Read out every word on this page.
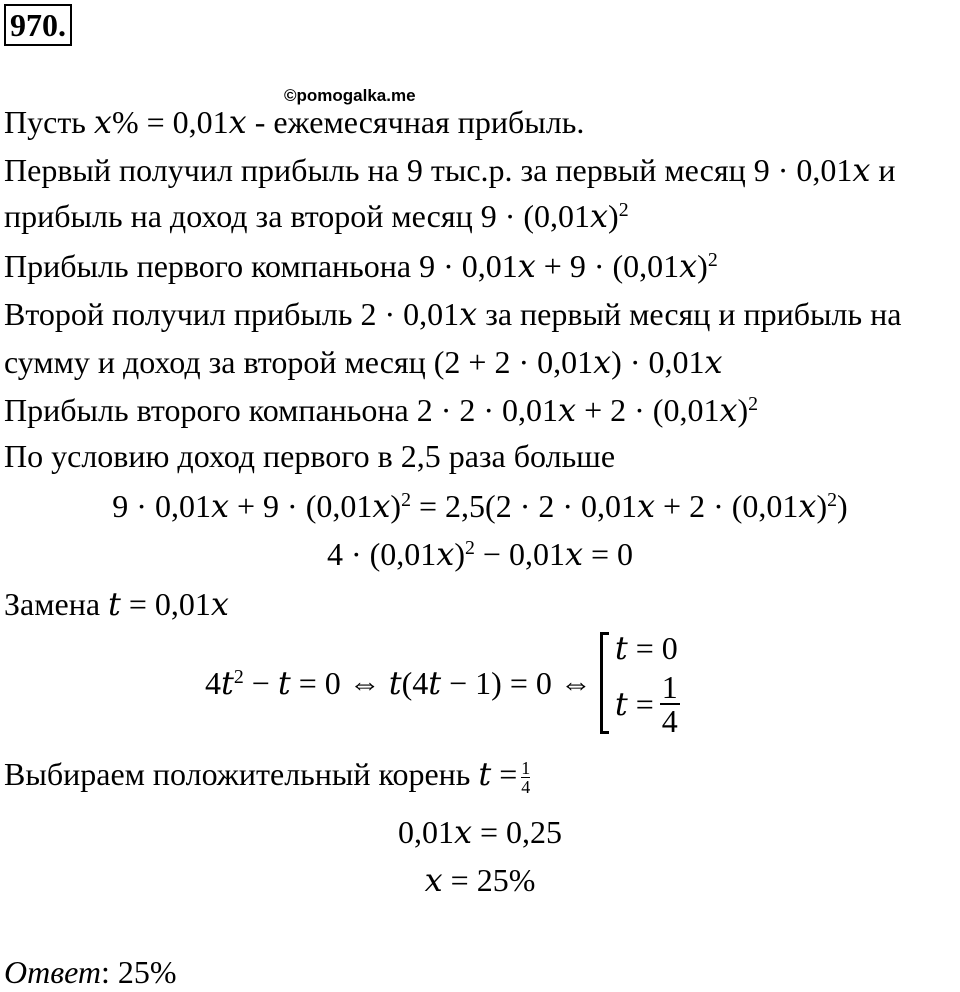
970.
©pomogalka.me
Пусть 𝑥% = 0,01𝑥 - ежемесячная прибыль.
Первый получил прибыль на 9 тыс.р. за первый месяц 9 · 0,01𝑥 и
прибыль на доход за второй месяц 9 · (0,01𝑥)$^2$
Прибыль первого компаньона 9 · 0,01𝑥 + 9 · (0,01𝑥)$^2$
Второй получил прибыль 2 · 0,01𝑥 за первый месяц и прибыль на
сумму и доход за второй месяц (2 + 2 · 0,01𝑥) · 0,01𝑥
Прибыль второго компаньона 2 · 2 · 0,01𝑥 + 2 · (0,01𝑥)$^2$
По условию доход первого в 2,5 раза больше
9 · 0,01𝑥 + 9 · (0,01𝑥)$^2$ = 2,5(2 · 2 · 0,01𝑥 + 2 · (0,01𝑥)$^2$)
4 · (0,01𝑥)$^2$ − 0,01𝑥 = 0
Замена 𝑡 = 0,01𝑥
4𝑡$^2$ − 𝑡 = 0 ⇔ 𝑡(4𝑡 − 1) = 0 ⇔
𝑡 = 0
𝑡 = $\frac{1}{4}$
Выбираем положительный корень 𝑡 = $\frac{1}{4}$
0,01𝑥 = 0,25
𝑥 = 25%
Ответ: 25%
